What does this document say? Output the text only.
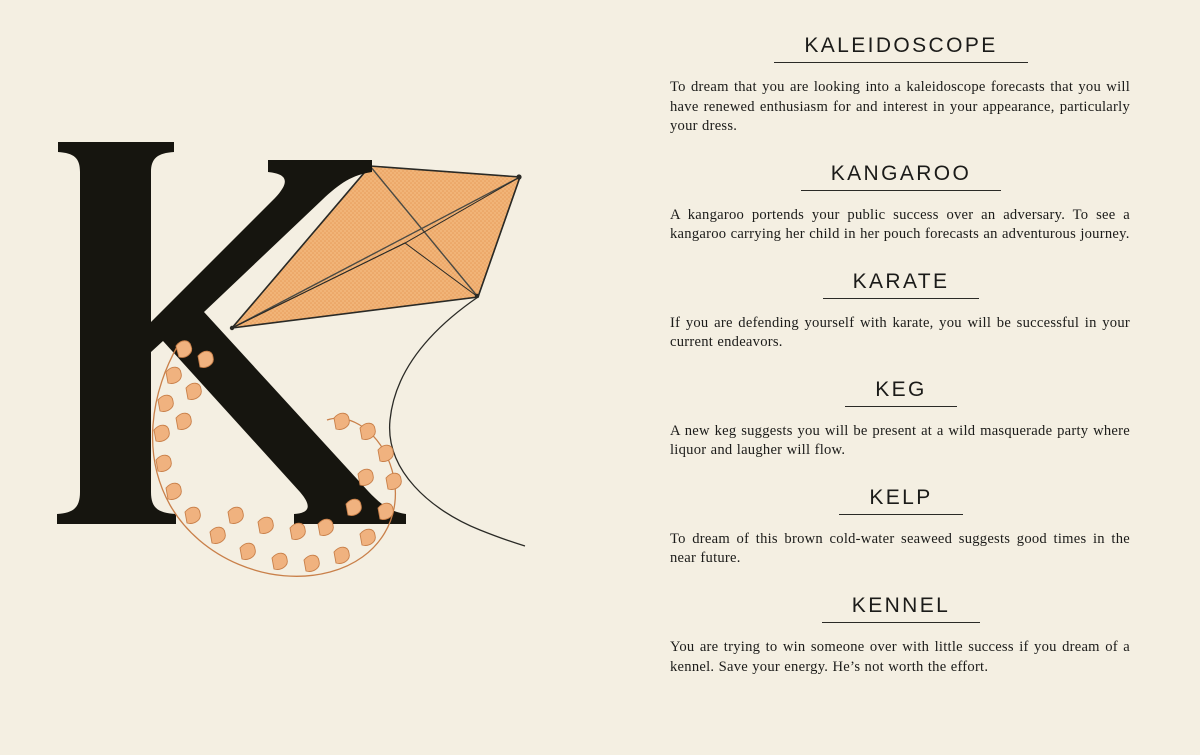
KALEIDOSCOPE

To dream that you are looking into a kaleidoscope forecasts that you will have renewed enthusiasm for and interest in your appearance, particularly your dress.

KANGAROO

A kangaroo portends your public success over an adversary. To see a kangaroo carrying her child in her pouch forecasts an adventurous journey.

KARATE

If you are defending yourself with karate, you will be successful in your current endeavors.

KEG

A new keg suggests you will be present at a wild masquerade party where liquor and laugher will flow.

KELP

To dream of this brown cold-water seaweed suggests good times in the near future.

KENNEL

You are trying to win someone over with little success if you dream of a kennel. Save your energy. He’s not worth the effort.
